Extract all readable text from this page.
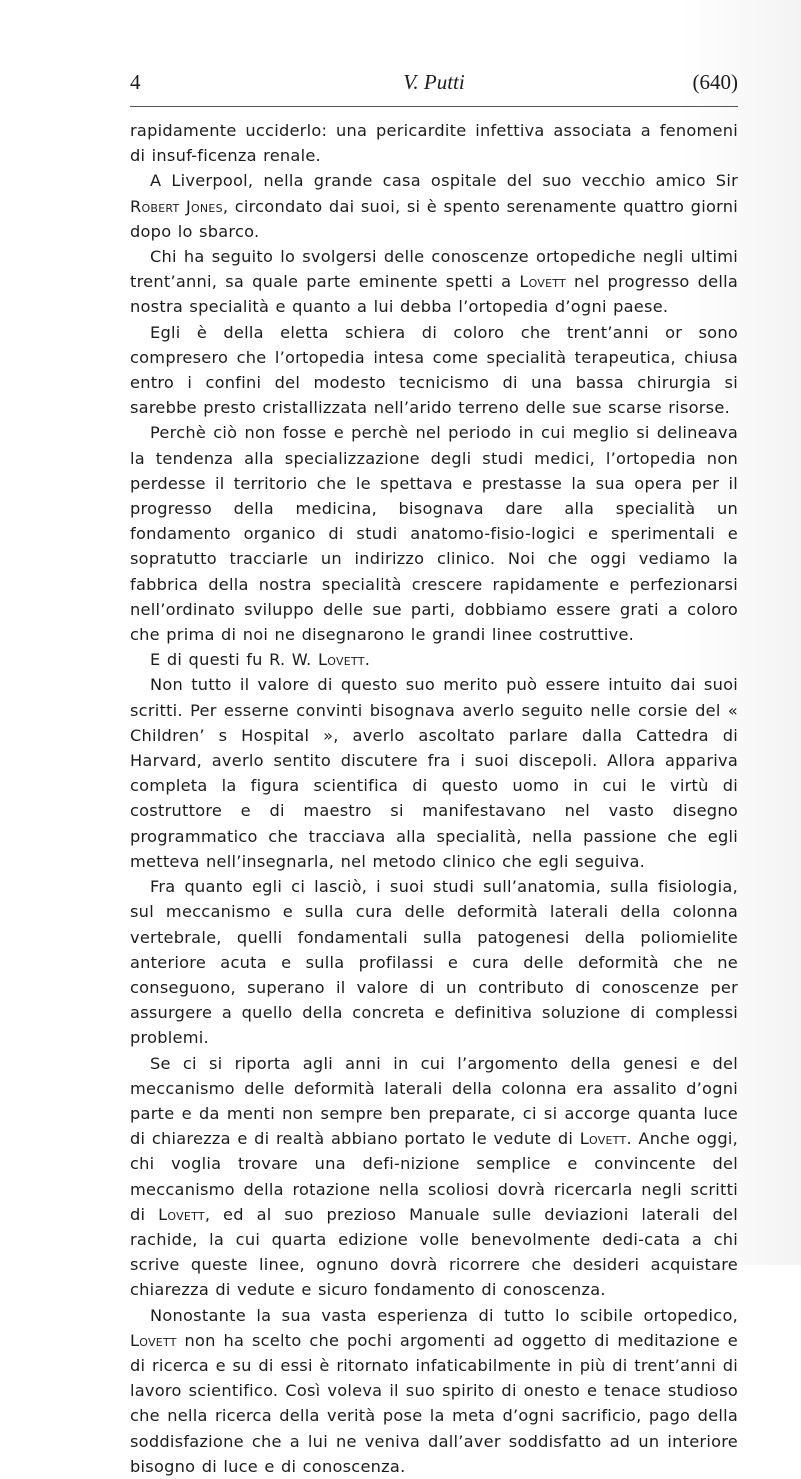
4	V. Putti	(640)

rapidamente ucciderlo: una pericardite infettiva associata a fenomeni di insuf-ficenza renale.

A Liverpool, nella grande casa ospitale del suo vecchio amico Sir Robert Jones, circondato dai suoi, si è spento serenamente quattro giorni dopo lo sbarco.

Chi ha seguito lo svolgersi delle conoscenze ortopediche negli ultimi trent’anni, sa quale parte eminente spetti a Lovett nel progresso della nostra specialità e quanto a lui debba l’ortopedia d’ogni paese.

Egli è della eletta schiera di coloro che trent’anni or sono compresero che l’ortopedia intesa come specialità terapeutica, chiusa entro i confini del modesto tecnicismo di una bassa chirurgia si sarebbe presto cristallizzata nell’arido terreno delle sue scarse risorse.

Perchè ciò non fosse e perchè nel periodo in cui meglio si delineava la tendenza alla specializzazione degli studi medici, l’ortopedia non perdesse il territorio che le spettava e prestasse la sua opera per il progresso della medicina, bisognava dare alla specialità un fondamento organico di studi anatomo-fisio-logici e sperimentali e sopratutto tracciarle un indirizzo clinico. Noi che oggi vediamo la fabbrica della nostra specialità crescere rapidamente e perfezionarsi nell’ordinato sviluppo delle sue parti, dobbiamo essere grati a coloro che prima di noi ne disegnarono le grandi linee costruttive.

E di questi fu R. W. Lovett.

Non tutto il valore di questo suo merito può essere intuito dai suoi scritti. Per esserne convinti bisognava averlo seguito nelle corsie del « Children’ s Hospital », averlo ascoltato parlare dalla Cattedra di Harvard, averlo sentito discutere fra i suoi discepoli. Allora appariva completa la figura scientifica di questo uomo in cui le virtù di costruttore e di maestro si manifestavano nel vasto disegno programmatico che tracciava alla specialità, nella passione che egli metteva nell’insegnarla, nel metodo clinico che egli seguiva.

Fra quanto egli ci lasciò, i suoi studi sull’anatomia, sulla fisiologia, sul meccanismo e sulla cura delle deformità laterali della colonna vertebrale, quelli fondamentali sulla patogenesi della poliomielite anteriore acuta e sulla profilassi e cura delle deformità che ne conseguono, superano il valore di un contributo di conoscenze per assurgere a quello della concreta e definitiva soluzione di complessi problemi.

Se ci si riporta agli anni in cui l’argomento della genesi e del meccanismo delle deformità laterali della colonna era assalito d’ogni parte e da menti non sempre ben preparate, ci si accorge quanta luce di chiarezza e di realtà abbiano portato le vedute di Lovett. Anche oggi, chi voglia trovare una defi-nizione semplice e convincente del meccanismo della rotazione nella scoliosi dovrà ricercarla negli scritti di Lovett, ed al suo prezioso Manuale sulle deviazioni laterali del rachide, la cui quarta edizione volle benevolmente dedi-cata a chi scrive queste linee, ognuno dovrà ricorrere che desideri acquistare chiarezza di vedute e sicuro fondamento di conoscenza.

Nonostante la sua vasta esperienza di tutto lo scibile ortopedico, Lovett non ha scelto che pochi argomenti ad oggetto di meditazione e di ricerca e su di essi è ritornato infaticabilmente in più di trent’anni di lavoro scientifico. Così voleva il suo spirito di onesto e tenace studioso che nella ricerca della verità pose la meta d’ogni sacrificio, pago della soddisfazione che a lui ne veniva dall’aver soddisfatto ad un interiore bisogno di luce e di conoscenza.
